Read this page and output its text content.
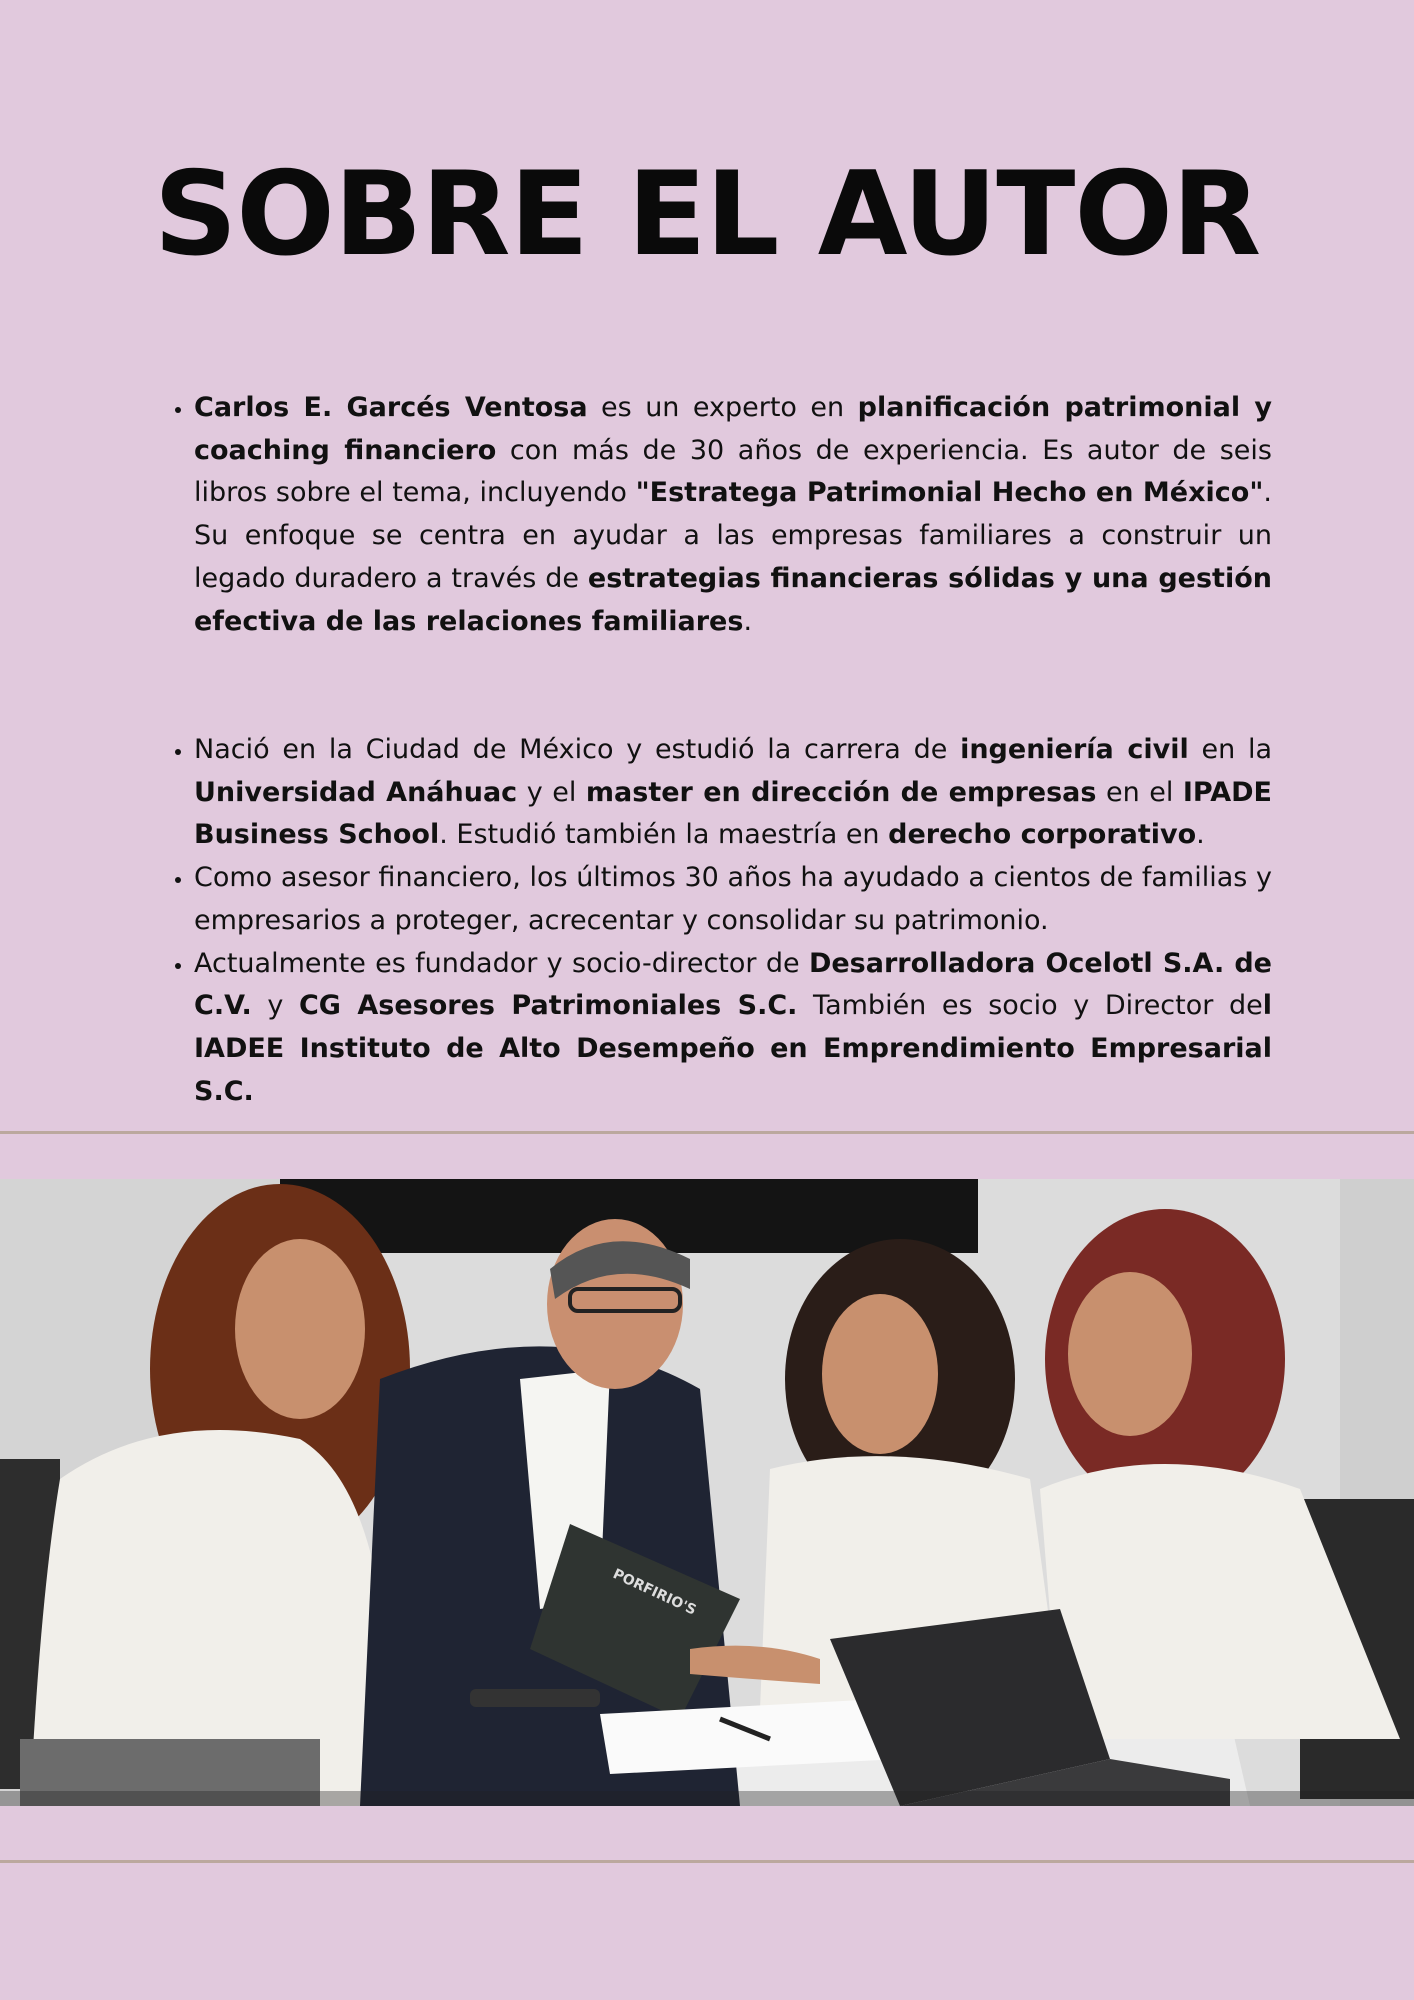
SOBRE EL AUTOR
• Carlos E. Garcés Ventosa es un experto en planificación patrimonial y coaching financiero con más de 30 años de experiencia. Es autor de seis libros sobre el tema, incluyendo "Estratega Patrimonial Hecho en México". Su enfoque se centra en ayudar a las empresas familiares a construir un legado duradero a través de estrategias financieras sólidas y una gestión efectiva de las relaciones familiares.
• Nació en la Ciudad de México y estudió la carrera de ingeniería civil en la Universidad Anáhuac y el master en dirección de empresas en el IPADE Business School. Estudió también la maestría en derecho corporativo.
• Como asesor financiero, los últimos 30 años ha ayudado a cientos de familias y empresarios a proteger, acrecentar y consolidar su patrimonio.
• Actualmente es fundador y socio-director de Desarrolladora Ocelotl S.A. de C.V. y CG Asesores Patrimoniales S.C. También es socio y Director del IADEE Instituto de Alto Desempeño en Emprendimiento Empresarial S.C.
PORFIRIO'S
